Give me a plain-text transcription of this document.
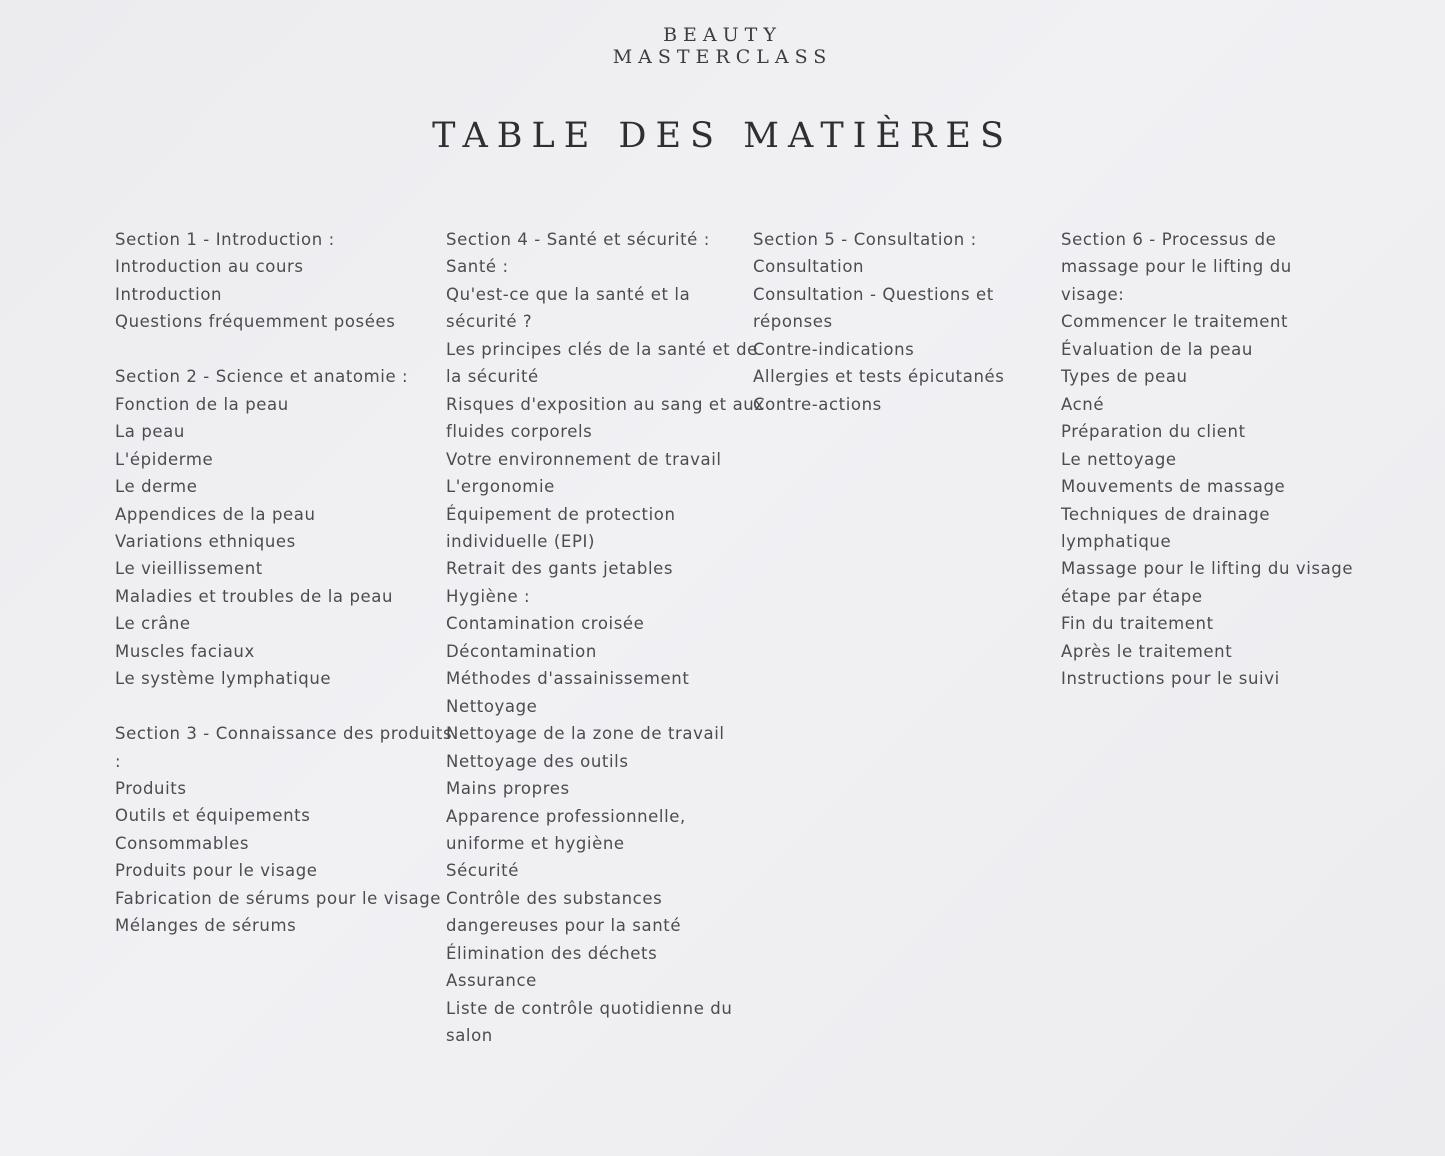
BEAUTY
MASTERCLASS
TABLE DES MATIÈRES
Section 1 - Introduction :
Introduction au cours
Introduction
Questions fréquemment posées
Section 2 - Science et anatomie :
Fonction de la peau
La peau
L'épiderme
Le derme
Appendices de la peau
Variations ethniques
Le vieillissement
Maladies et troubles de la peau
Le crâne
Muscles faciaux
Le système lymphatique
Section 3 - Connaissance des produits
:
Produits
Outils et équipements
Consommables
Produits pour le visage
Fabrication de sérums pour le visage
Mélanges de sérums
Section 4 - Santé et sécurité :
Santé :
Qu'est-ce que la santé et la
sécurité ?
Les principes clés de la santé et de
la sécurité
Risques d'exposition au sang et aux
fluides corporels
Votre environnement de travail
L'ergonomie
Équipement de protection
individuelle (EPI)
Retrait des gants jetables
Hygiène :
Contamination croisée
Décontamination
Méthodes d'assainissement
Nettoyage
Nettoyage de la zone de travail
Nettoyage des outils
Mains propres
Apparence professionnelle,
uniforme et hygiène
Sécurité
Contrôle des substances
dangereuses pour la santé
Élimination des déchets
Assurance
Liste de contrôle quotidienne du
salon
Section 5 - Consultation :
Consultation
Consultation - Questions et
réponses
Contre-indications
Allergies et tests épicutanés
Contre-actions
Section 6 - Processus de
massage pour le lifting du
visage:
Commencer le traitement
Évaluation de la peau
Types de peau
Acné
Préparation du client
Le nettoyage
Mouvements de massage
Techniques de drainage
lymphatique
Massage pour le lifting du visage
étape par étape
Fin du traitement
Après le traitement
Instructions pour le suivi
